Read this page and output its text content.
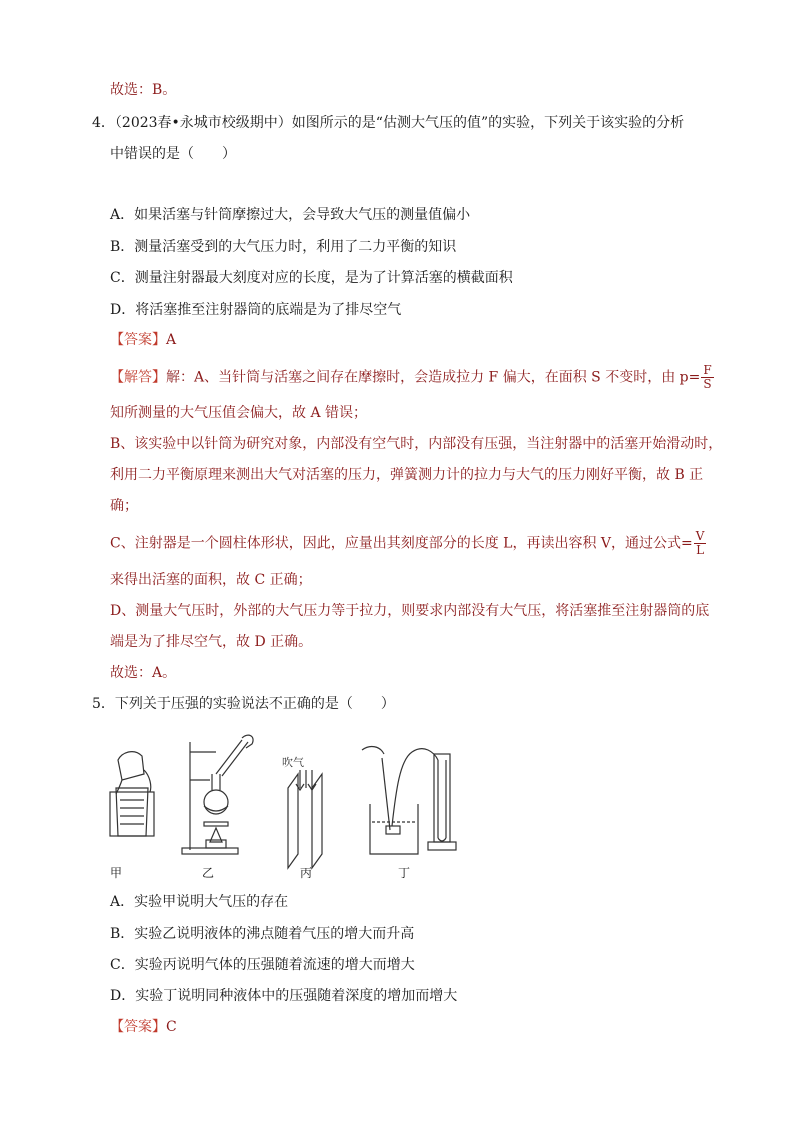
故选：B。
4．（2023春•永城市校级期中）如图所示的是“估测大气压的值”的实验，下列关于该实验的分析
中错误的是（　　）
A．如果活塞与针筒摩擦过大，会导致大气压的测量值偏小
B．测量活塞受到的大气压力时，利用了二力平衡的知识
C．测量注射器最大刻度对应的长度，是为了计算活塞的横截面积
D．将活塞推至注射器筒的底端是为了排尽空气
【答案】A
【解答】解：A、当针筒与活塞之间存在摩擦时，会造成拉力 F 偏大，在面积 S 不变时，由 $p= \frac{F}{S}$
知所测量的大气压值会偏大，故 A 错误；
B、该实验中以针筒为研究对象，内部没有空气时，内部没有压强，当注射器中的活塞开始滑动时，
利用二力平衡原理来测出大气对活塞的压力，弹簧测力计的拉力与大气的压力刚好平衡，故 B 正
确；
C、注射器是一个圆柱体形状，因此，应量出其刻度部分的长度 L，再读出容积 V，通过公式= $\frac{V}{L}$
来得出活塞的面积，故 C 正确；
D、测量大气压时，外部的大气压力等于拉力，则要求内部没有大气压，将活塞推至注射器筒的底
端是为了排尽空气，故 D 正确。
故选：A。
5．下列关于压强的实验说法不正确的是（　　）
吹气
甲	乙	丙	丁
A．实验甲说明大气压的存在
B．实验乙说明液体的沸点随着气压的增大而升高
C．实验丙说明气体的压强随着流速的增大而增大
D．实验丁说明同种液体中的压强随着深度的增加而增大
【答案】C
